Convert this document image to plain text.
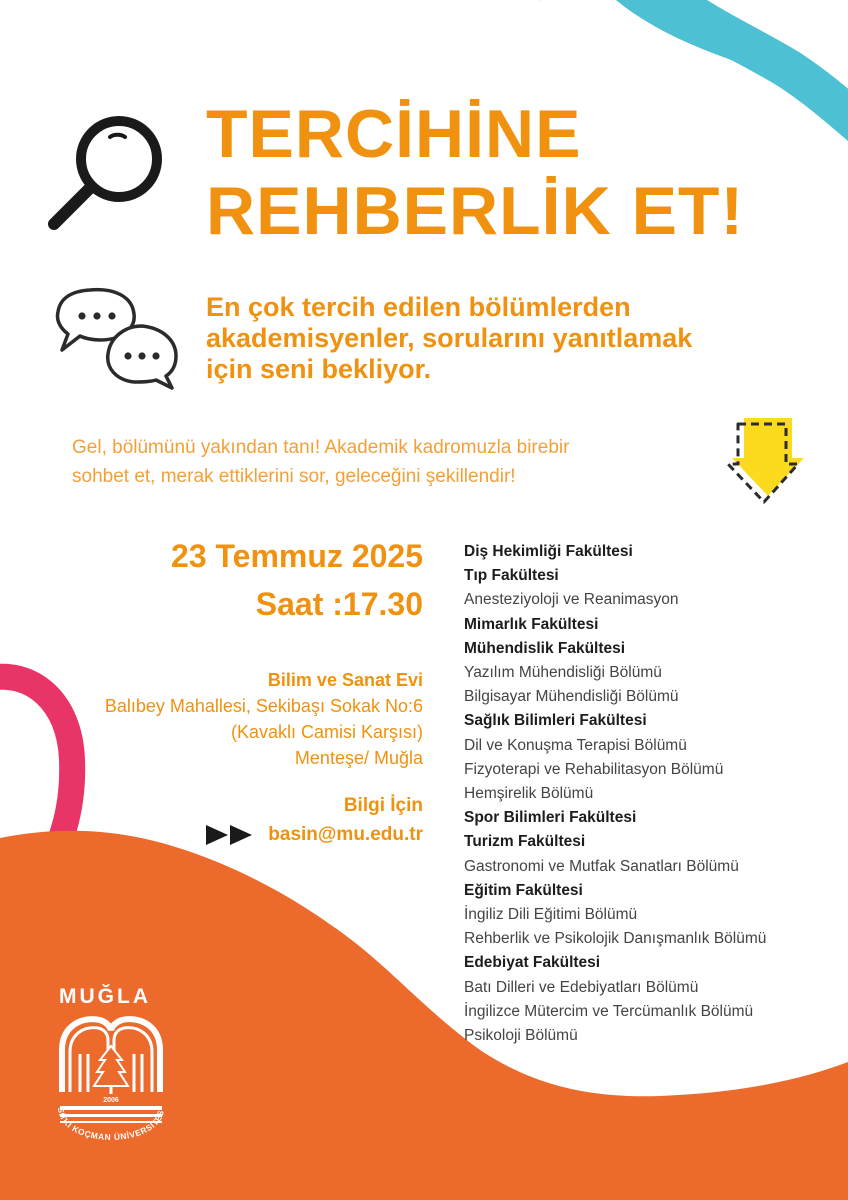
TERCİHİNE
REHBERLİK ET!
En çok tercih edilen bölümlerden
akademisyenler, sorularını yanıtlamak
için seni bekliyor.
Gel, bölümünü yakından tanı! Akademik kadromuzla birebir
sohbet et, merak ettiklerini sor, geleceğini şekillendir!
23 Temmuz 2025
Saat :17.30
Bilim ve Sanat Evi
Balıbey Mahallesi, Sekibaşı Sokak No:6
(Kavaklı Camisi Karşısı)
Menteşe/ Muğla
Bilgi İçin
basin@mu.edu.tr
Diş Hekimliği Fakültesi
Tıp Fakültesi
Anesteziyoloji ve Reanimasyon
Mimarlık Fakültesi
Mühendislik Fakültesi
Yazılım Mühendisliği Bölümü
Bilgisayar Mühendisliği Bölümü
Sağlık Bilimleri Fakültesi
Dil ve Konuşma Terapisi Bölümü
Fizyoterapi ve Rehabilitasyon Bölümü
Hemşirelik Bölümü
Spor Bilimleri Fakültesi
Turizm Fakültesi
Gastronomi ve Mutfak Sanatları Bölümü
Eğitim Fakültesi
İngiliz Dili Eğitimi Bölümü
Rehberlik ve Psikolojik Danışmanlık Bölümü
Edebiyat Fakültesi
Batı Dilleri ve Edebiyatları Bölümü
İngilizce Mütercim ve Tercümanlık Bölümü
Psikoloji Bölümü
MUĞLA
2006
SITKI KOÇMAN ÜNİVERSİTES
